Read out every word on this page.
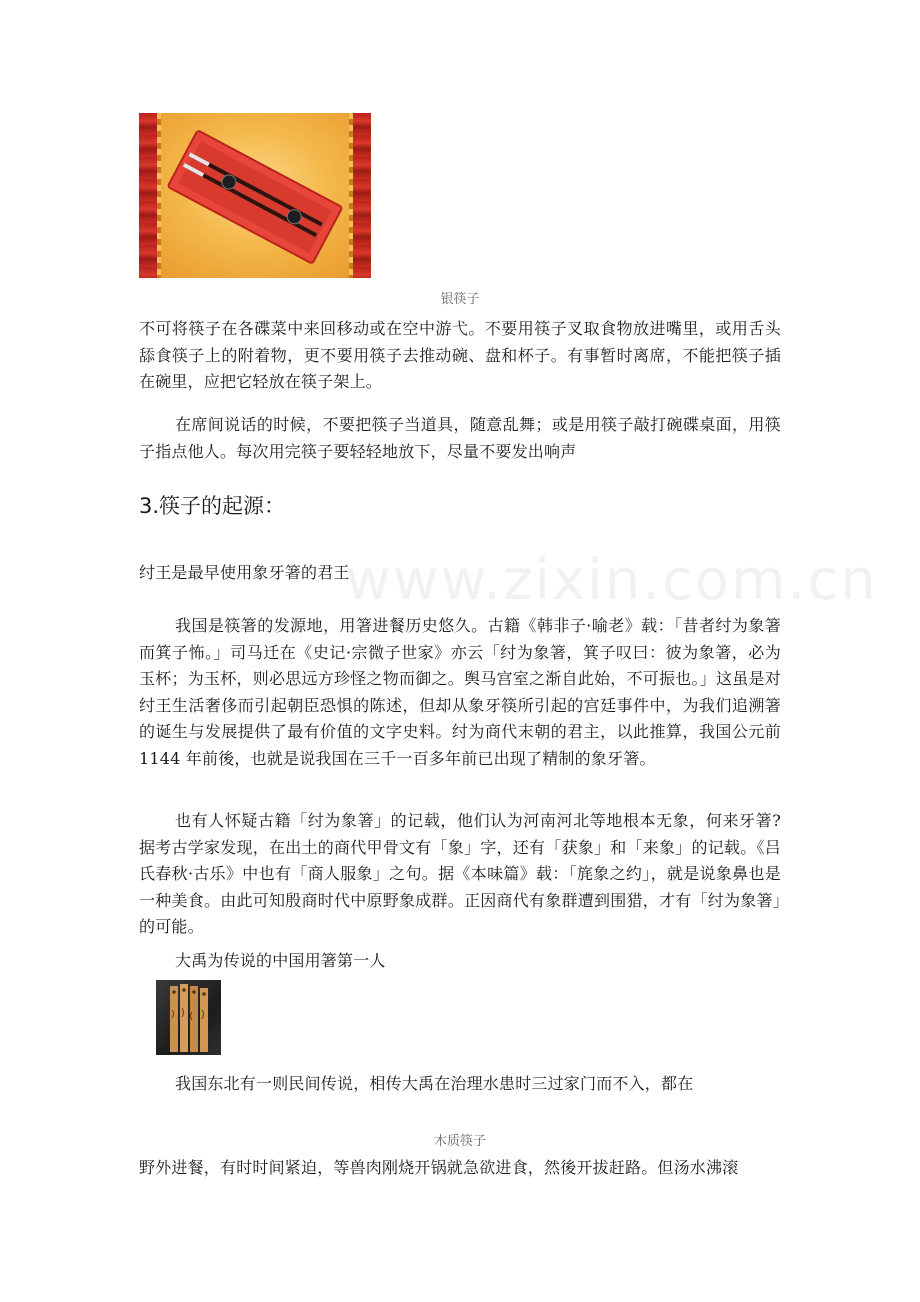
www.zixin.com.cn
银筷子

不可将筷子在各碟菜中来回移动或在空中游弋。不要用筷子叉取食物放进嘴里，或用舌头舔食筷子上的附着物，更不要用筷子去推动碗、盘和杯子。有事暂时离席，不能把筷子插在碗里，应把它轻放在筷子架上。

在席间说话的时候，不要把筷子当道具，随意乱舞；或是用筷子敲打碗碟桌面，用筷子指点他人。每次用完筷子要轻轻地放下，尽量不要发出响声

3.筷子的起源：

纣王是最早使用象牙箸的君王

我国是筷箸的发源地，用箸进餐历史悠久。古籍《韩非子·喻老》载：「昔者纣为象箸而箕子怖。」司马迁在《史记·宗微子世家》亦云「纣为象箸，箕子叹曰：彼为象箸，必为玉杯；为玉杯，则必思远方珍怪之物而御之。舆马宫室之渐自此始，不可振也。」这虽是对纣王生活奢侈而引起朝臣恐惧的陈述，但却从象牙筷所引起的宫廷事件中，为我们追溯箸的诞生与发展提供了最有价值的文字史料。纣为商代末朝的君主，以此推算，我国公元前 1144 年前後，也就是说我国在三千一百多年前已出现了精制的象牙箸。

也有人怀疑古籍「纣为象箸」的记载，他们认为河南河北等地根本无象，何来牙箸?据考古学家发现，在出土的商代甲骨文有「象」字，还有「获象」和「来象」的记载。《吕氏春秋·古乐》中也有「商人服象」之句。据《本味篇》载：「旄象之约」，就是说象鼻也是一种美食。由此可知殷商时代中原野象成群。正因商代有象群遭到围猎，才有「纣为象箸」的可能。

大禹为传说的中国用箸第一人

我国东北有一则民间传说，相传大禹在治理水患时三过家门而不入，都在

木质筷子

野外进餐，有时时间紧迫，等兽肉刚烧开锅就急欲进食，然後开拔赶路。但汤水沸滚
